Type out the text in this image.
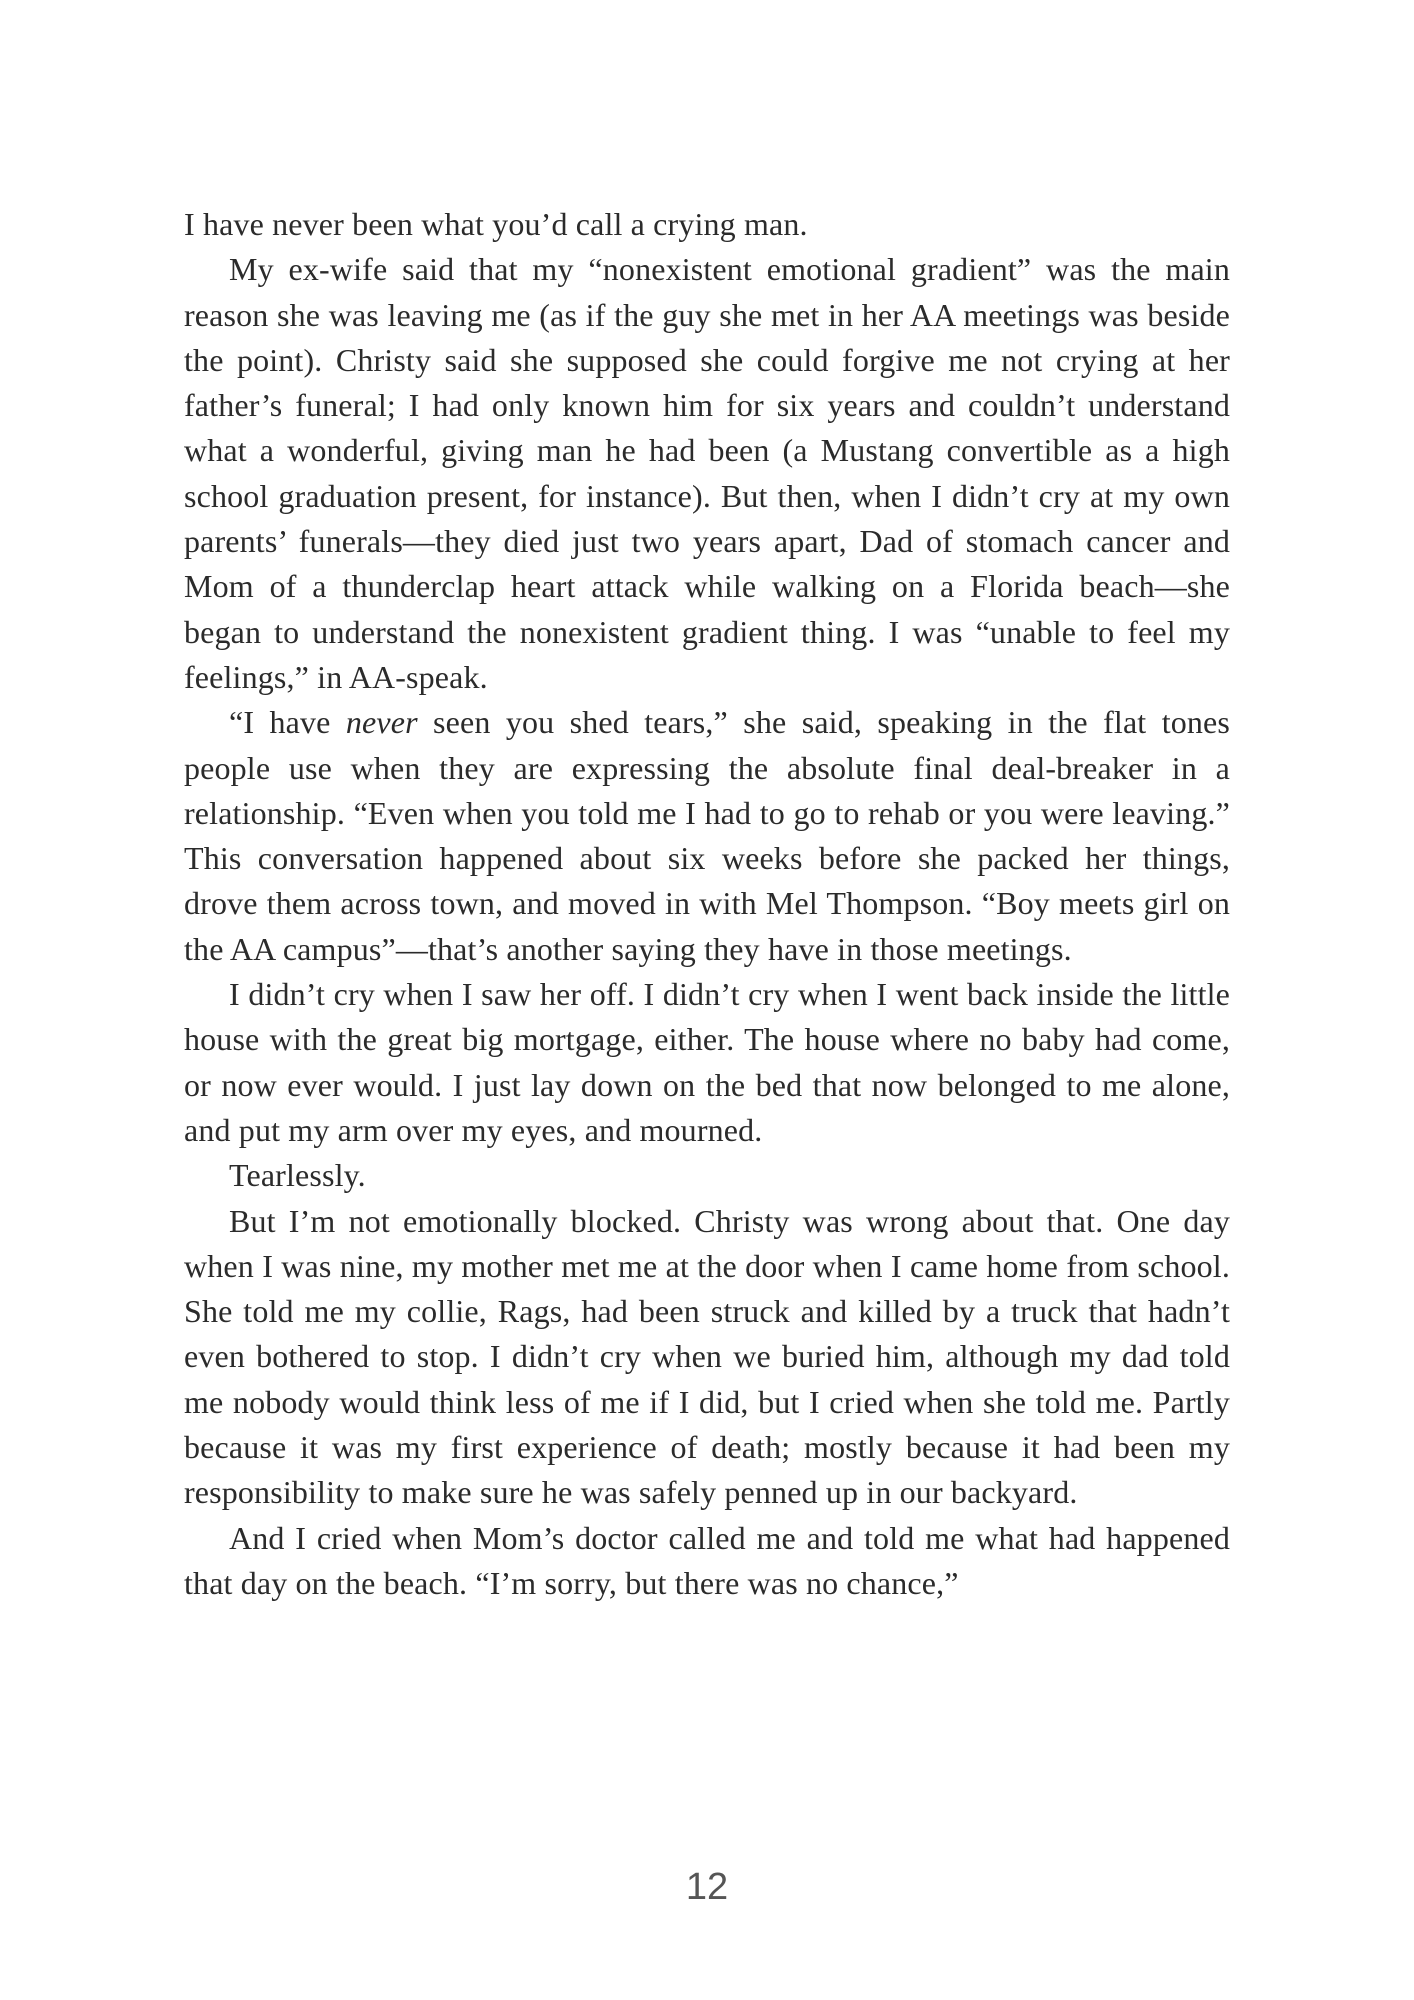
I have never been what you’d call a crying man.

My ex-wife said that my “nonexistent emotional gradient” was the main reason she was leaving me (as if the guy she met in her AA meetings was beside the point). Christy said she supposed she could forgive me not crying at her father’s funeral; I had only known him for six years and couldn’t understand what a wonderful, giving man he had been (a Mustang convertible as a high school graduation present, for instance). But then, when I didn’t cry at my own parents’ funerals—they died just two years apart, Dad of stomach cancer and Mom of a thunderclap heart attack while walking on a Florida beach—she began to understand the nonexistent gradient thing. I was “unable to feel my feelings,” in AA-speak.

“I have never seen you shed tears,” she said, speaking in the flat tones people use when they are expressing the absolute final deal-breaker in a relationship. “Even when you told me I had to go to rehab or you were leaving.” This conversation happened about six weeks before she packed her things, drove them across town, and moved in with Mel Thompson. “Boy meets girl on the AA campus”—that’s another saying they have in those meetings.

I didn’t cry when I saw her off. I didn’t cry when I went back inside the little house with the great big mortgage, either. The house where no baby had come, or now ever would. I just lay down on the bed that now belonged to me alone, and put my arm over my eyes, and mourned.

Tearlessly.

But I’m not emotionally blocked. Christy was wrong about that. One day when I was nine, my mother met me at the door when I came home from school. She told me my collie, Rags, had been struck and killed by a truck that hadn’t even bothered to stop. I didn’t cry when we buried him, although my dad told me nobody would think less of me if I did, but I cried when she told me. Partly because it was my first experience of death; mostly because it had been my responsibility to make sure he was safely penned up in our backyard.

And I cried when Mom’s doctor called me and told me what had happened that day on the beach. “I’m sorry, but there was no chance,”

12
